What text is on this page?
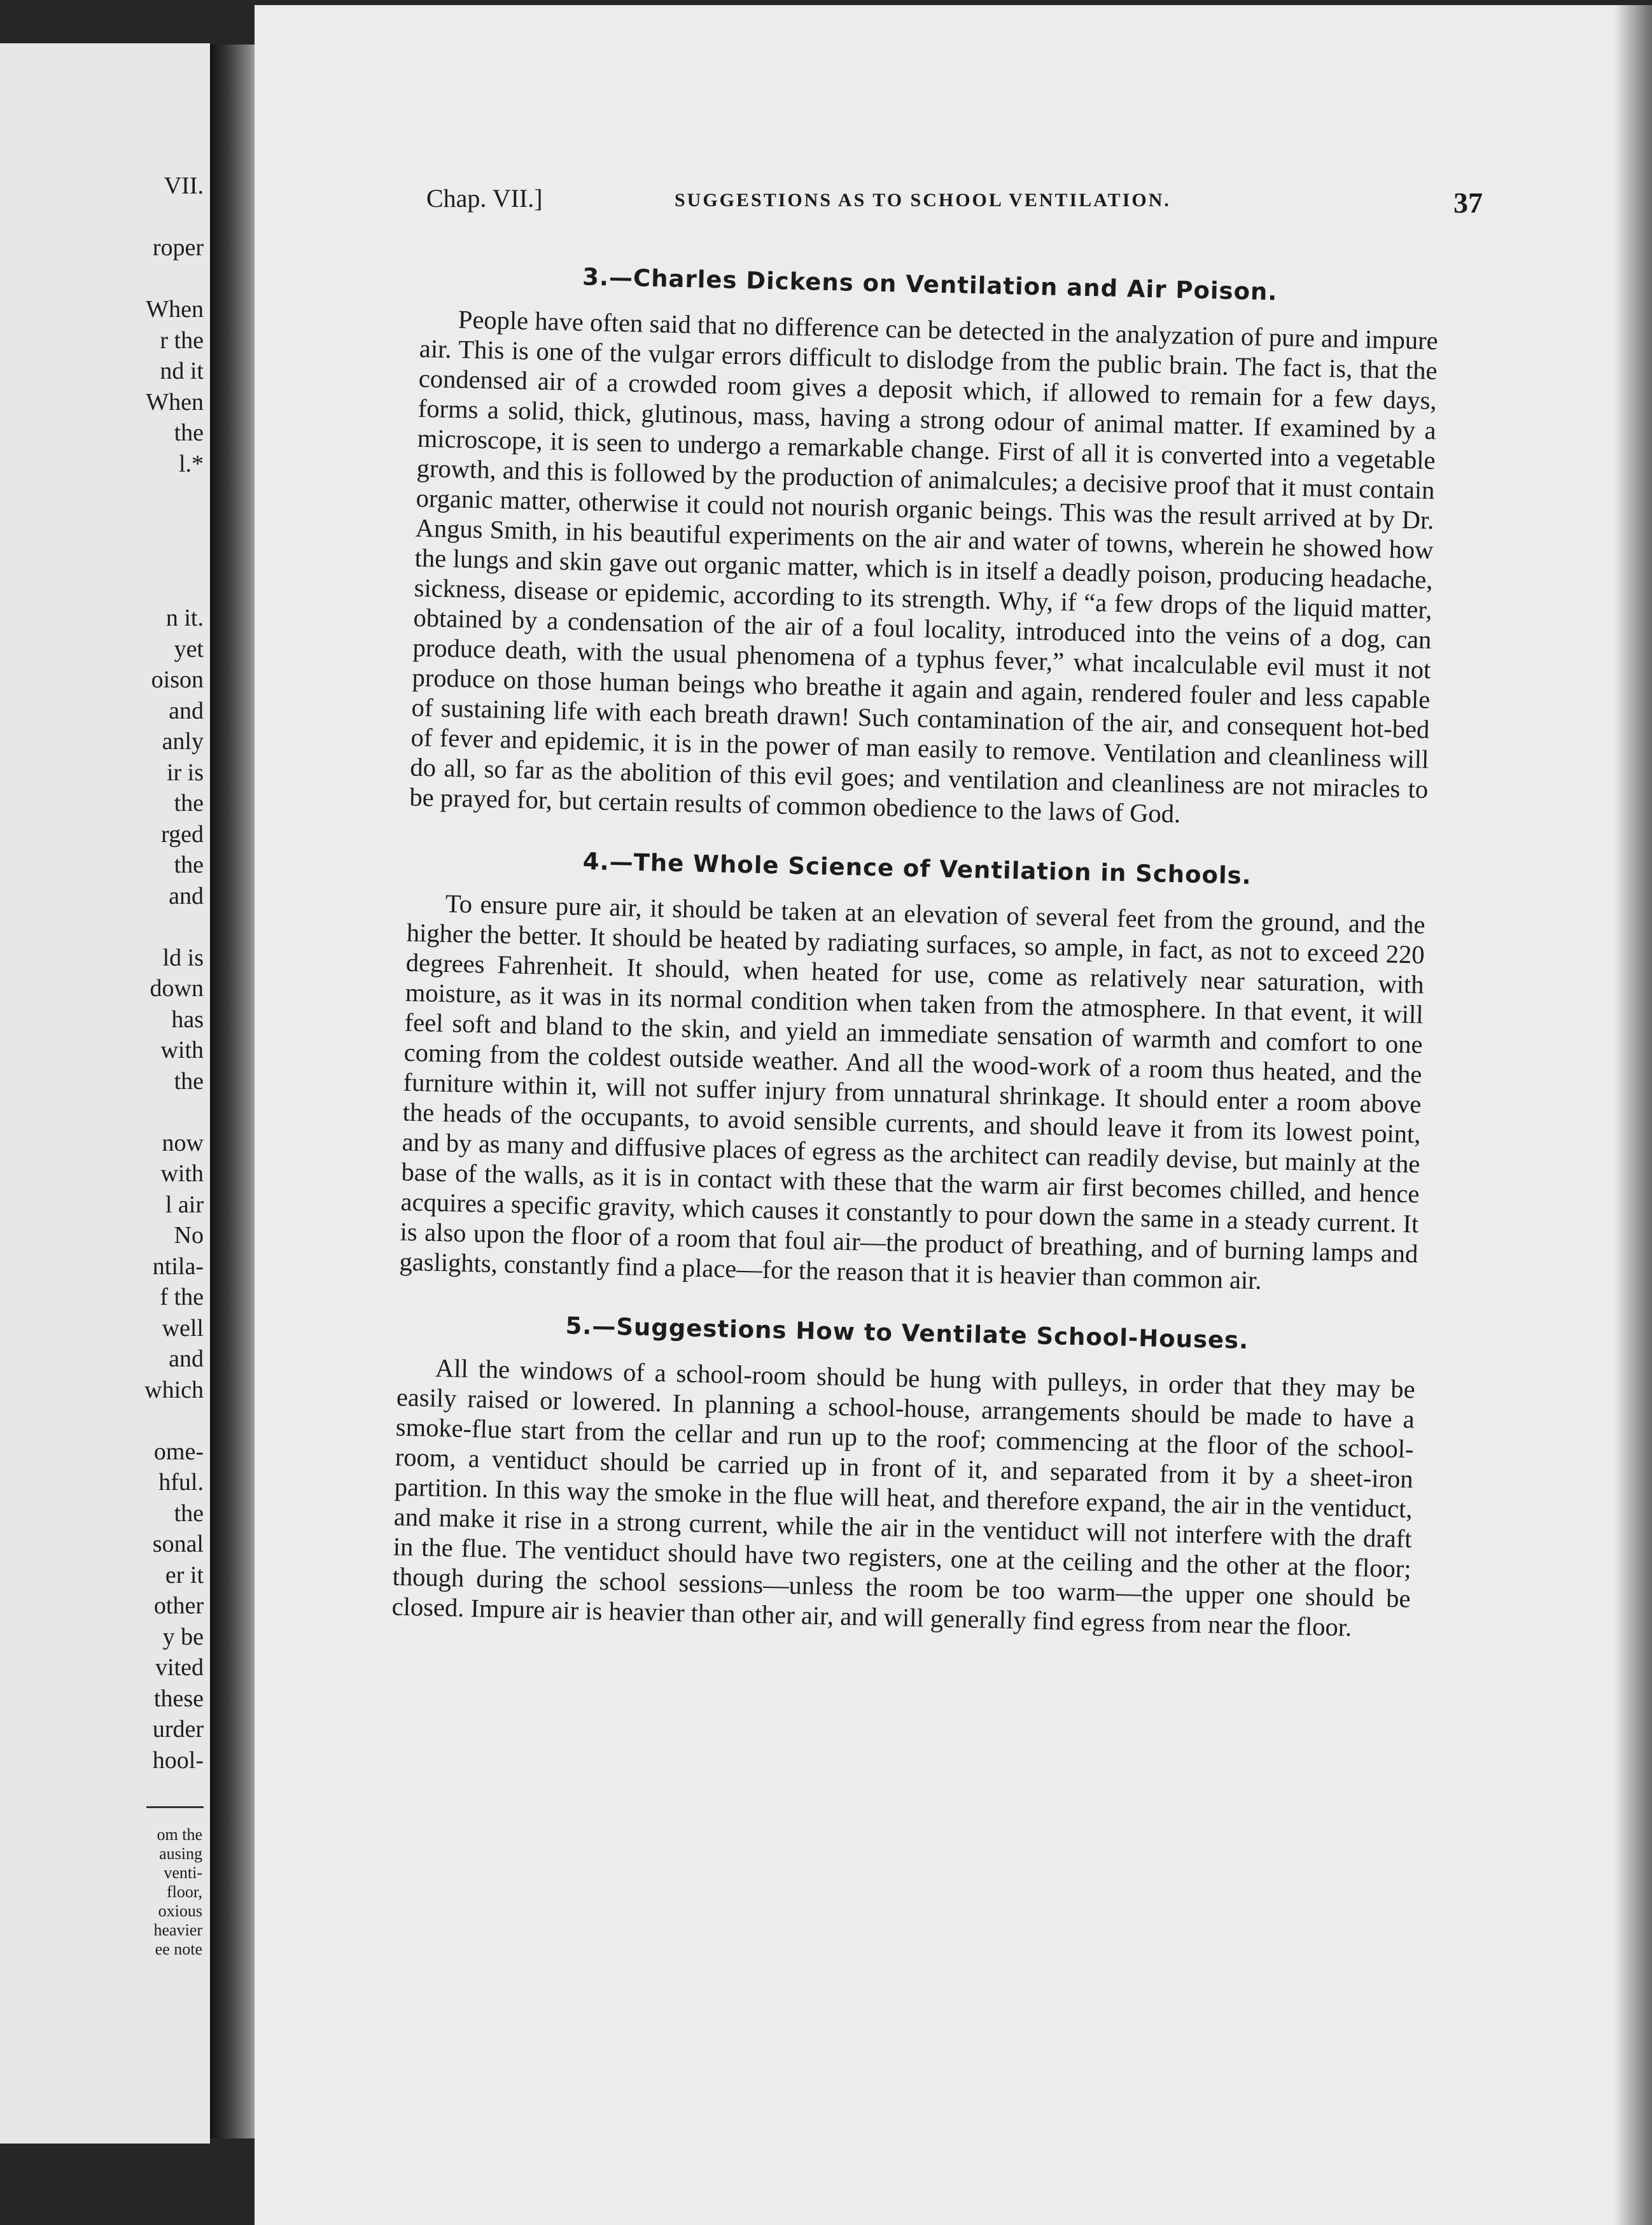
VII.

roper

When
r the
nd it
When
the
l.*

n it.
yet
oison
and
anly
ir is
the
rged
the
and

ld is
down
has
with
the

now
with
l air
No
ntila-
f the
well
and
which

ome-
hful.
the
sonal
er it
other
y be
vited
these
urder
hool-
om the
ausing
venti-
floor,
oxious
heavier
ee note
Chap. VII.]	SUGGESTIONS AS TO SCHOOL VENTILATION.	37
3.—Charles Dickens on Ventilation and Air Poison.

People have often said that no difference can be detected in the analyzation of pure and impure air. This is one of the vulgar errors difficult to dislodge from the public brain. The fact is, that the condensed air of a crowded room gives a deposit which, if allowed to remain for a few days, forms a solid, thick, glutinous, mass, having a strong odour of animal matter. If examined by a microscope, it is seen to undergo a remarkable change. First of all it is converted into a vegetable growth, and this is followed by the production of animalcules; a decisive proof that it must contain organic matter, otherwise it could not nourish organic beings. This was the result arrived at by Dr. Angus Smith, in his beautiful experiments on the air and water of towns, wherein he showed how the lungs and skin gave out organic matter, which is in itself a deadly poison, producing headache, sickness, disease or epidemic, according to its strength. Why, if “a few drops of the liquid matter, obtained by a condensation of the air of a foul locality, introduced into the veins of a dog, can produce death, with the usual phenomena of a typhus fever,” what incalculable evil must it not produce on those human beings who breathe it again and again, rendered fouler and less capable of sustaining life with each breath drawn! Such contamination of the air, and consequent hot-bed of fever and epidemic, it is in the power of man easily to remove. Ventilation and cleanliness will do all, so far as the abolition of this evil goes; and ventilation and cleanliness are not miracles to be prayed for, but certain results of common obedience to the laws of God.

4.—The Whole Science of Ventilation in Schools.

To ensure pure air, it should be taken at an elevation of several feet from the ground, and the higher the better. It should be heated by radiating surfaces, so ample, in fact, as not to exceed 220 degrees Fahrenheit. It should, when heated for use, come as relatively near saturation, with moisture, as it was in its normal condition when taken from the atmosphere. In that event, it will feel soft and bland to the skin, and yield an immediate sensation of warmth and comfort to one coming from the coldest outside weather. And all the wood-work of a room thus heated, and the furniture within it, will not suffer injury from unnatural shrinkage. It should enter a room above the heads of the occupants, to avoid sensible currents, and should leave it from its lowest point, and by as many and diffusive places of egress as the architect can readily devise, but mainly at the base of the walls, as it is in contact with these that the warm air first becomes chilled, and hence acquires a specific gravity, which causes it constantly to pour down the same in a steady current. It is also upon the floor of a room that foul air—the product of breathing, and of burning lamps and gaslights, constantly find a place—for the reason that it is heavier than common air.

5.—Suggestions How to Ventilate School-Houses.

All the windows of a school-room should be hung with pulleys, in order that they may be easily raised or lowered. In planning a school-house, arrangements should be made to have a smoke-flue start from the cellar and run up to the roof; commencing at the floor of the school-room, a ventiduct should be carried up in front of it, and separated from it by a sheet-iron partition. In this way the smoke in the flue will heat, and therefore expand, the air in the ventiduct, and make it rise in a strong current, while the air in the ventiduct will not interfere with the draft in the flue. The ventiduct should have two registers, one at the ceiling and the other at the floor; though during the school sessions—unless the room be too warm—the upper one should be closed. Impure air is heavier than other air, and will generally find egress from near the floor.
